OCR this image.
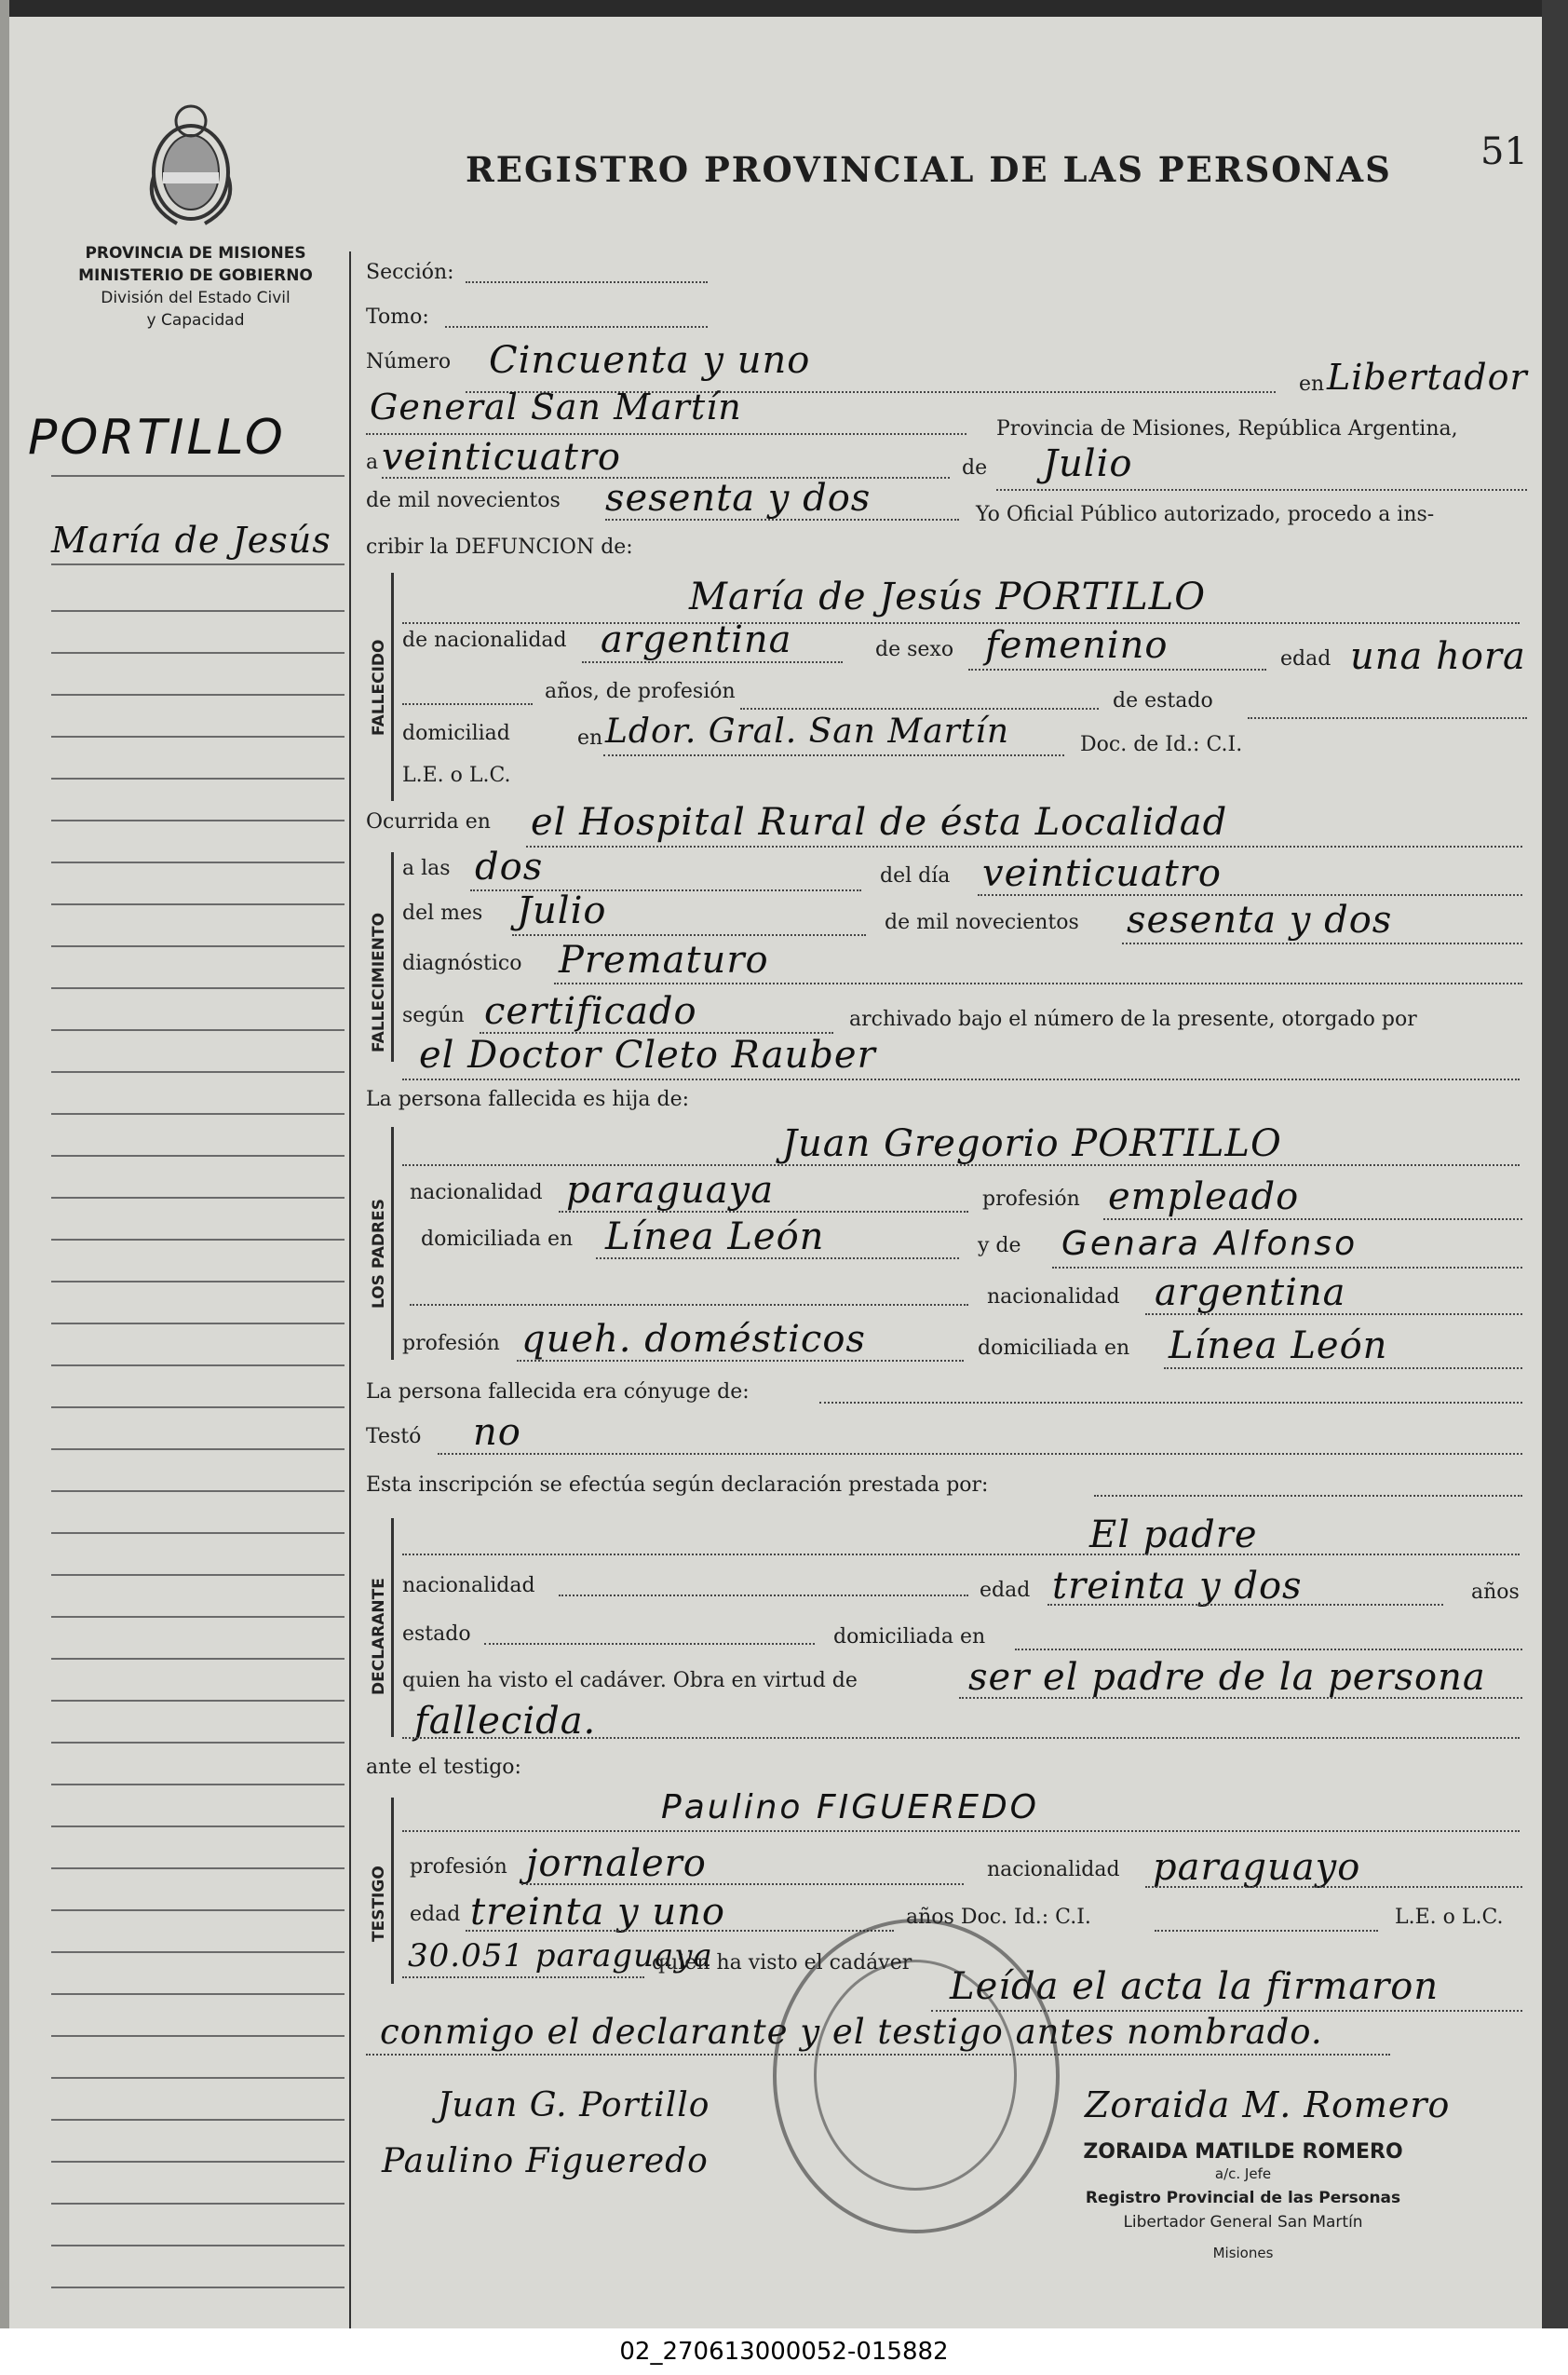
PROVINCIA DE MISIONES
MINISTERIO DE GOBIERNO
División del Estado Civil
y Capacidad
REGISTRO PROVINCIAL DE LAS PERSONAS 51
PORTILLO
María de Jesús
Sección:
Tomo:
Número Cincuenta y uno
en Libertador
General San Martín
Provincia de Misiones, República Argentina,
a veinticuatro	de Julio
de mil novecientos sesenta y dos	Yo Oficial Público autorizado, procedo a ins-
cribir la DEFUNCION de:
FALLECIDO
María de Jesús PORTILLO
de nacionalidad argentina	de sexo femenino	edad una hora
años, de profesión	de estado
domiciliad	en Ldor. Gral. San Martín	Doc. de Id.: C.I.
L.E. o L.C.
Ocurrida en el Hospital Rural de ésta Localidad
FALLECIMIENTO
a las dos	del día veinticuatro
del mes Julio	de mil novecientos sesenta y dos
diagnóstico Prematuro
según certificado	archivado bajo el número de la presente, otorgado por
el Doctor Cleto Rauber
La persona fallecida es hija de:
LOS PADRES
Juan Gregorio PORTILLO
nacionalidad paraguaya	profesión empleado
domiciliada en Línea León	y de Genara Alfonso
nacionalidad argentina
profesión queh. domésticos	domiciliada en Línea León
La persona fallecida era cónyuge de:
Testó no
Esta inscripción se efectúa según declaración prestada por:
DECLARANTE
El padre
nacionalidad	edad treinta y dos	años
estado	domiciliada en
quien ha visto el cadáver. Obra en virtud de	ser el padre de la persona
fallecida.
ante el testigo:
TESTIGO
Paulino FIGUEREDO
profesión jornalero	nacionalidad paraguayo
edad treinta y uno	años Doc. Id.: C.I.	L.E. o L.C.
30.051 paraguaya
quien ha visto el cadáver
Leída el acta la firmaron
conmigo el declarante y el testigo antes nombrado.
Juan G. Portillo
Paulino Figueredo
Zoraida M. Romero
ZORAIDA MATILDE ROMERO
a/c. Jefe
Registro Provincial de las Personas
Libertador General San Martín
Misiones
02_270613000052-015882
